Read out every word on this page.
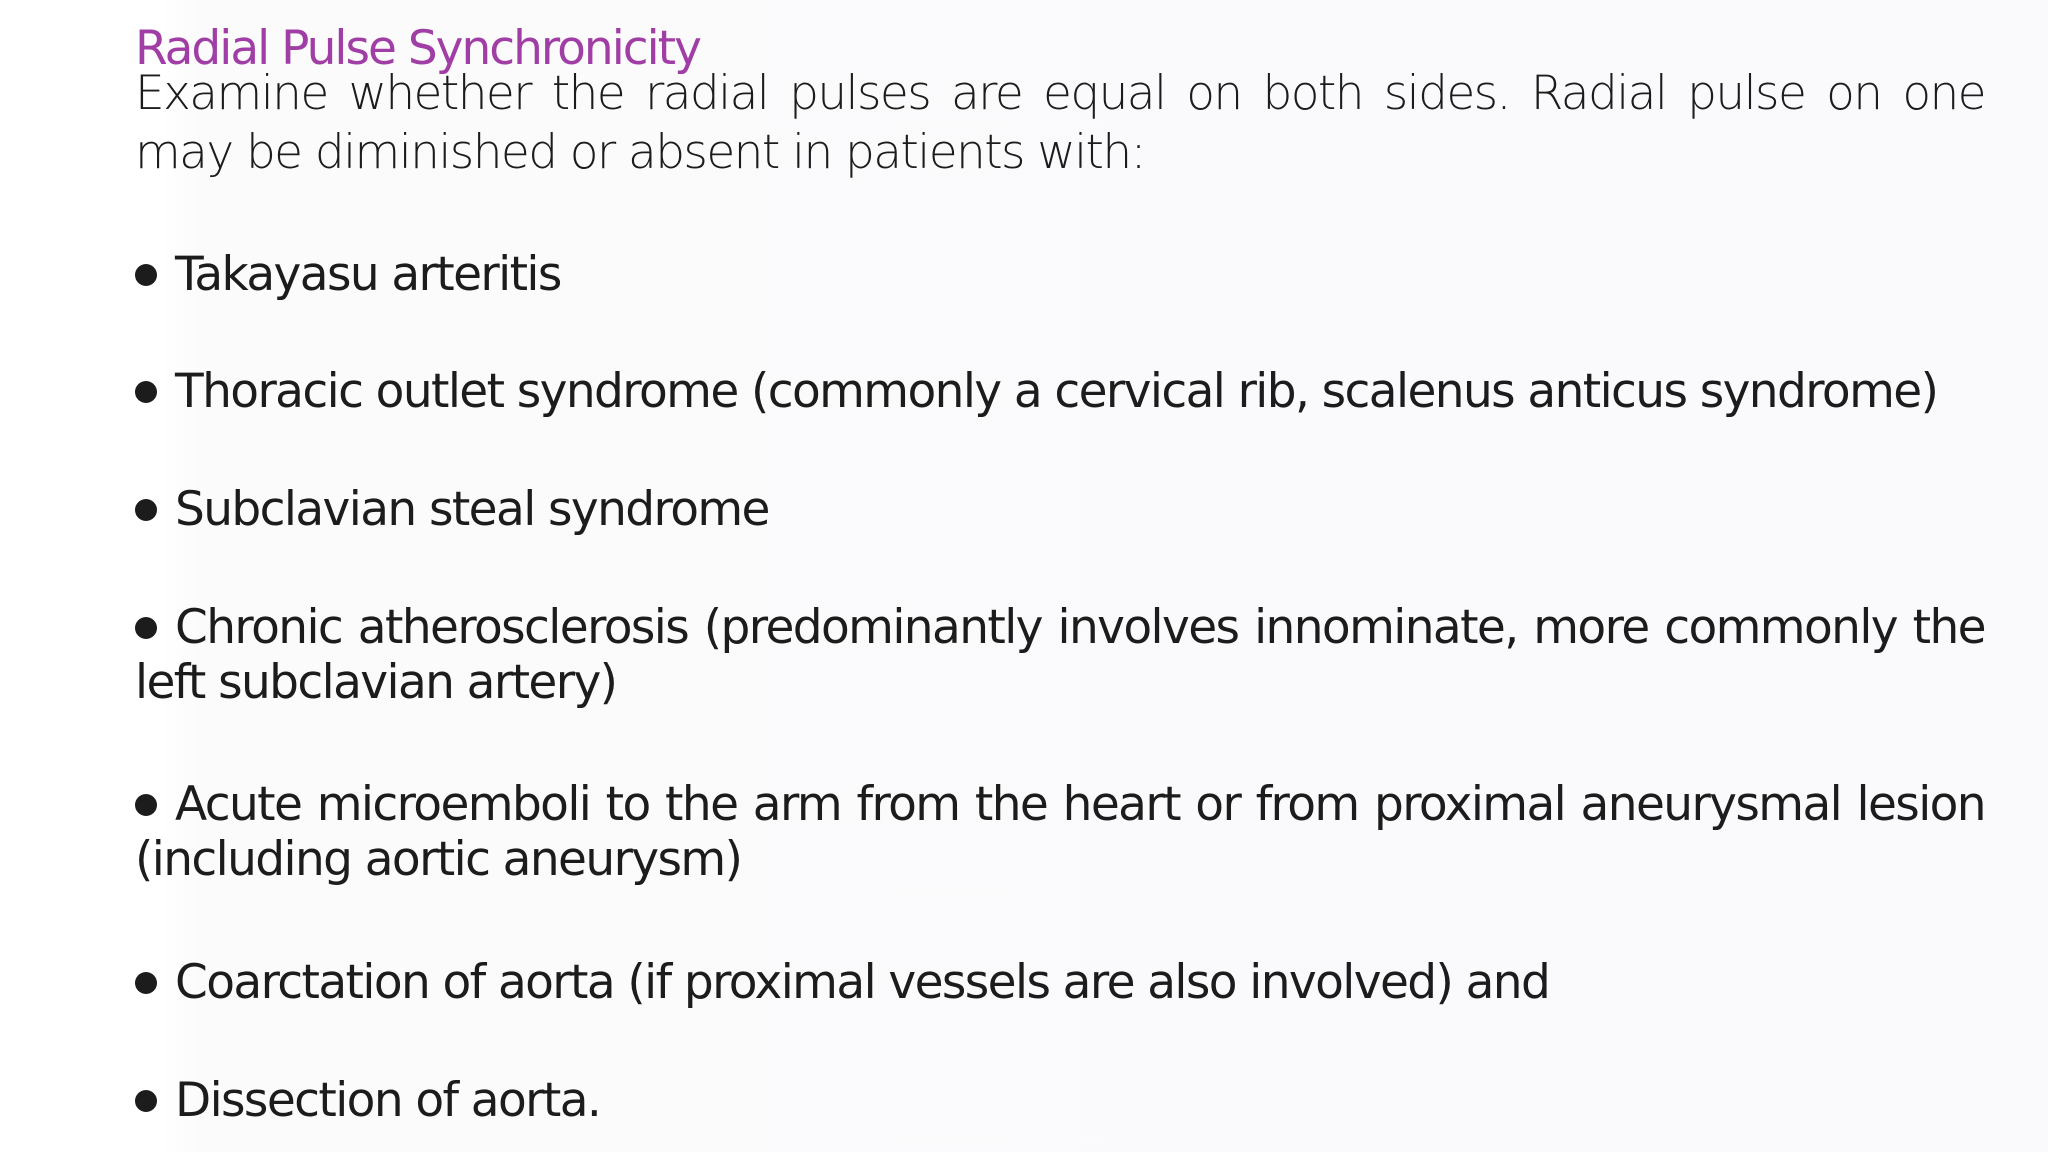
Radial Pulse Synchronicity

Examine whether the radial pulses are equal on both sides. Radial pulse on one may be diminished or absent in patients with:

Takayasu arteritis

Thoracic outlet syndrome (commonly a cervical rib, scalenus anticus syndrome)

Subclavian steal syndrome

Chronic atherosclerosis (predominantly involves innominate, more commonly the left subclavian artery)

Acute microemboli to the arm from the heart or from proximal aneurysmal lesion (including aortic aneurysm)

Coarctation of aorta (if proximal vessels are also involved) and

Dissection of aorta.
